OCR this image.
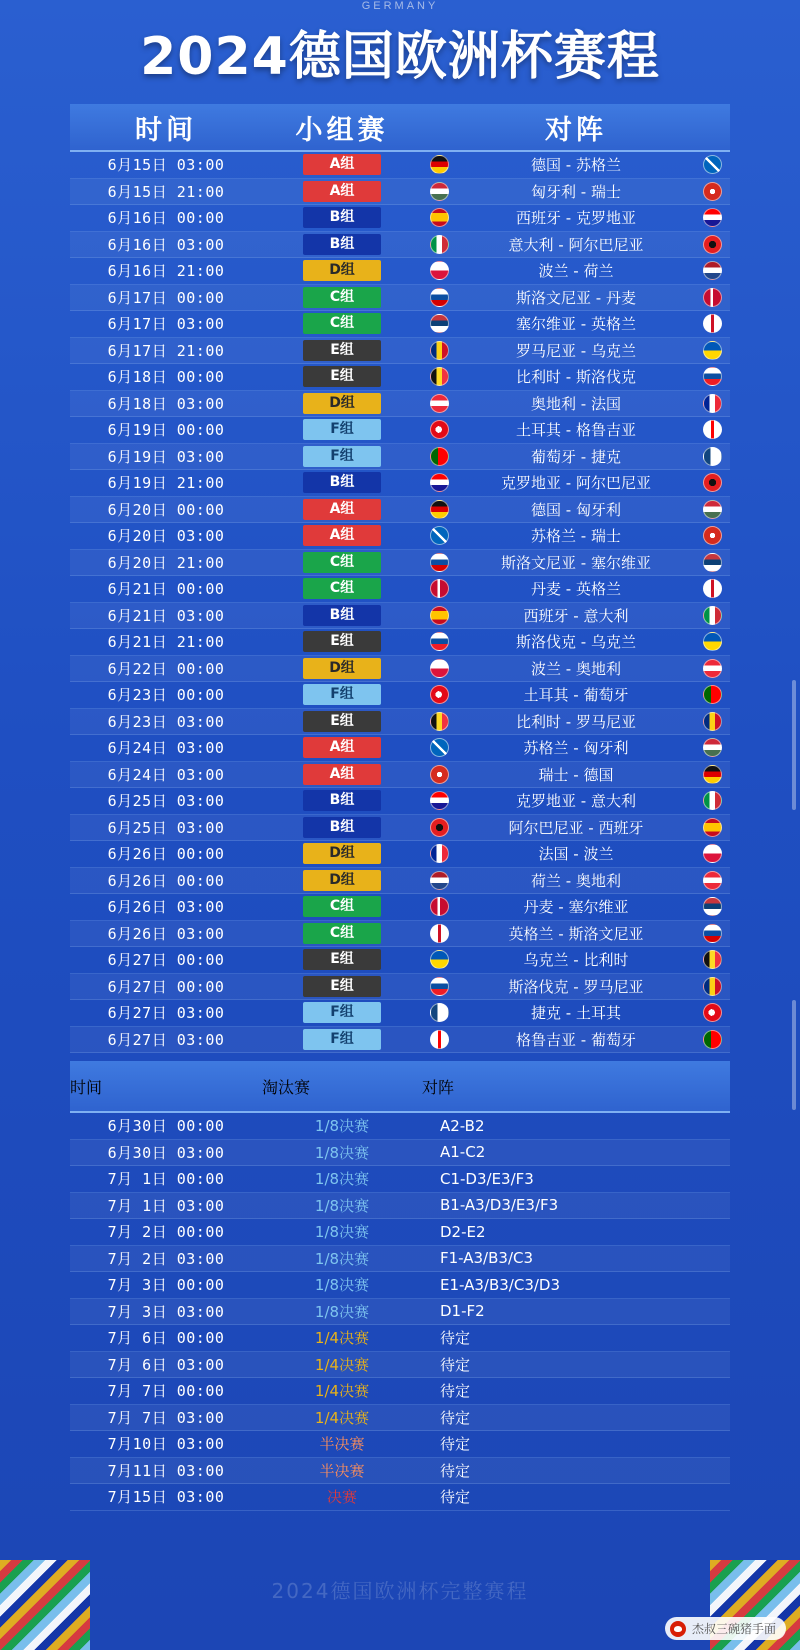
GERMANY
2024德国欧洲杯赛程
时间	小组赛	对阵
6月15日 03:00	A组	德国 - 苏格兰
6月15日 21:00	A组	匈牙利 - 瑞士
6月16日 00:00	B组	西班牙 - 克罗地亚
6月16日 03:00	B组	意大利 - 阿尔巴尼亚
6月16日 21:00	D组	波兰 - 荷兰
6月17日 00:00	C组	斯洛文尼亚 - 丹麦
6月17日 03:00	C组	塞尔维亚 - 英格兰
6月17日 21:00	E组	罗马尼亚 - 乌克兰
6月18日 00:00	E组	比利时 - 斯洛伐克
6月18日 03:00	D组	奥地利 - 法国
6月19日 00:00	F组	土耳其 - 格鲁吉亚
6月19日 03:00	F组	葡萄牙 - 捷克
6月19日 21:00	B组	克罗地亚 - 阿尔巴尼亚
6月20日 00:00	A组	德国 - 匈牙利
6月20日 03:00	A组	苏格兰 - 瑞士
6月20日 21:00	C组	斯洛文尼亚 - 塞尔维亚
6月21日 00:00	C组	丹麦 - 英格兰
6月21日 03:00	B组	西班牙 - 意大利
6月21日 21:00	E组	斯洛伐克 - 乌克兰
6月22日 00:00	D组	波兰 - 奥地利
6月23日 00:00	F组	土耳其 - 葡萄牙
6月23日 03:00	E组	比利时 - 罗马尼亚
6月24日 03:00	A组	苏格兰 - 匈牙利
6月24日 03:00	A组	瑞士 - 德国
6月25日 03:00	B组	克罗地亚 - 意大利
6月25日 03:00	B组	阿尔巴尼亚 - 西班牙
6月26日 00:00	D组	法国 - 波兰
6月26日 00:00	D组	荷兰 - 奥地利
6月26日 03:00	C组	丹麦 - 塞尔维亚
6月26日 03:00	C组	英格兰 - 斯洛文尼亚
6月27日 00:00	E组	乌克兰 - 比利时
6月27日 00:00	E组	斯洛伐克 - 罗马尼亚
6月27日 03:00	F组	捷克 - 土耳其
6月27日 03:00	F组	格鲁吉亚 - 葡萄牙
时间	淘汰赛	对阵
6月30日 00:00	1/8决赛	A2-B2
6月30日 03:00	1/8决赛	A1-C2
7月 1日 00:00	1/8决赛	C1-D3/E3/F3
7月 1日 03:00	1/8决赛	B1-A3/D3/E3/F3
7月 2日 00:00	1/8决赛	D2-E2
7月 2日 03:00	1/8决赛	F1-A3/B3/C3
7月 3日 00:00	1/8决赛	E1-A3/B3/C3/D3
7月 3日 03:00	1/8决赛	D1-F2
7月 6日 00:00	1/4决赛	待定
7月 6日 03:00	1/4决赛	待定
7月 7日 00:00	1/4决赛	待定
7月 7日 03:00	1/4决赛	待定
7月10日 03:00	半决赛	待定
7月11日 03:00	半决赛	待定
7月15日 03:00	决赛	待定
2024德国欧洲杯完整赛程
杰叔三碗猪手面
